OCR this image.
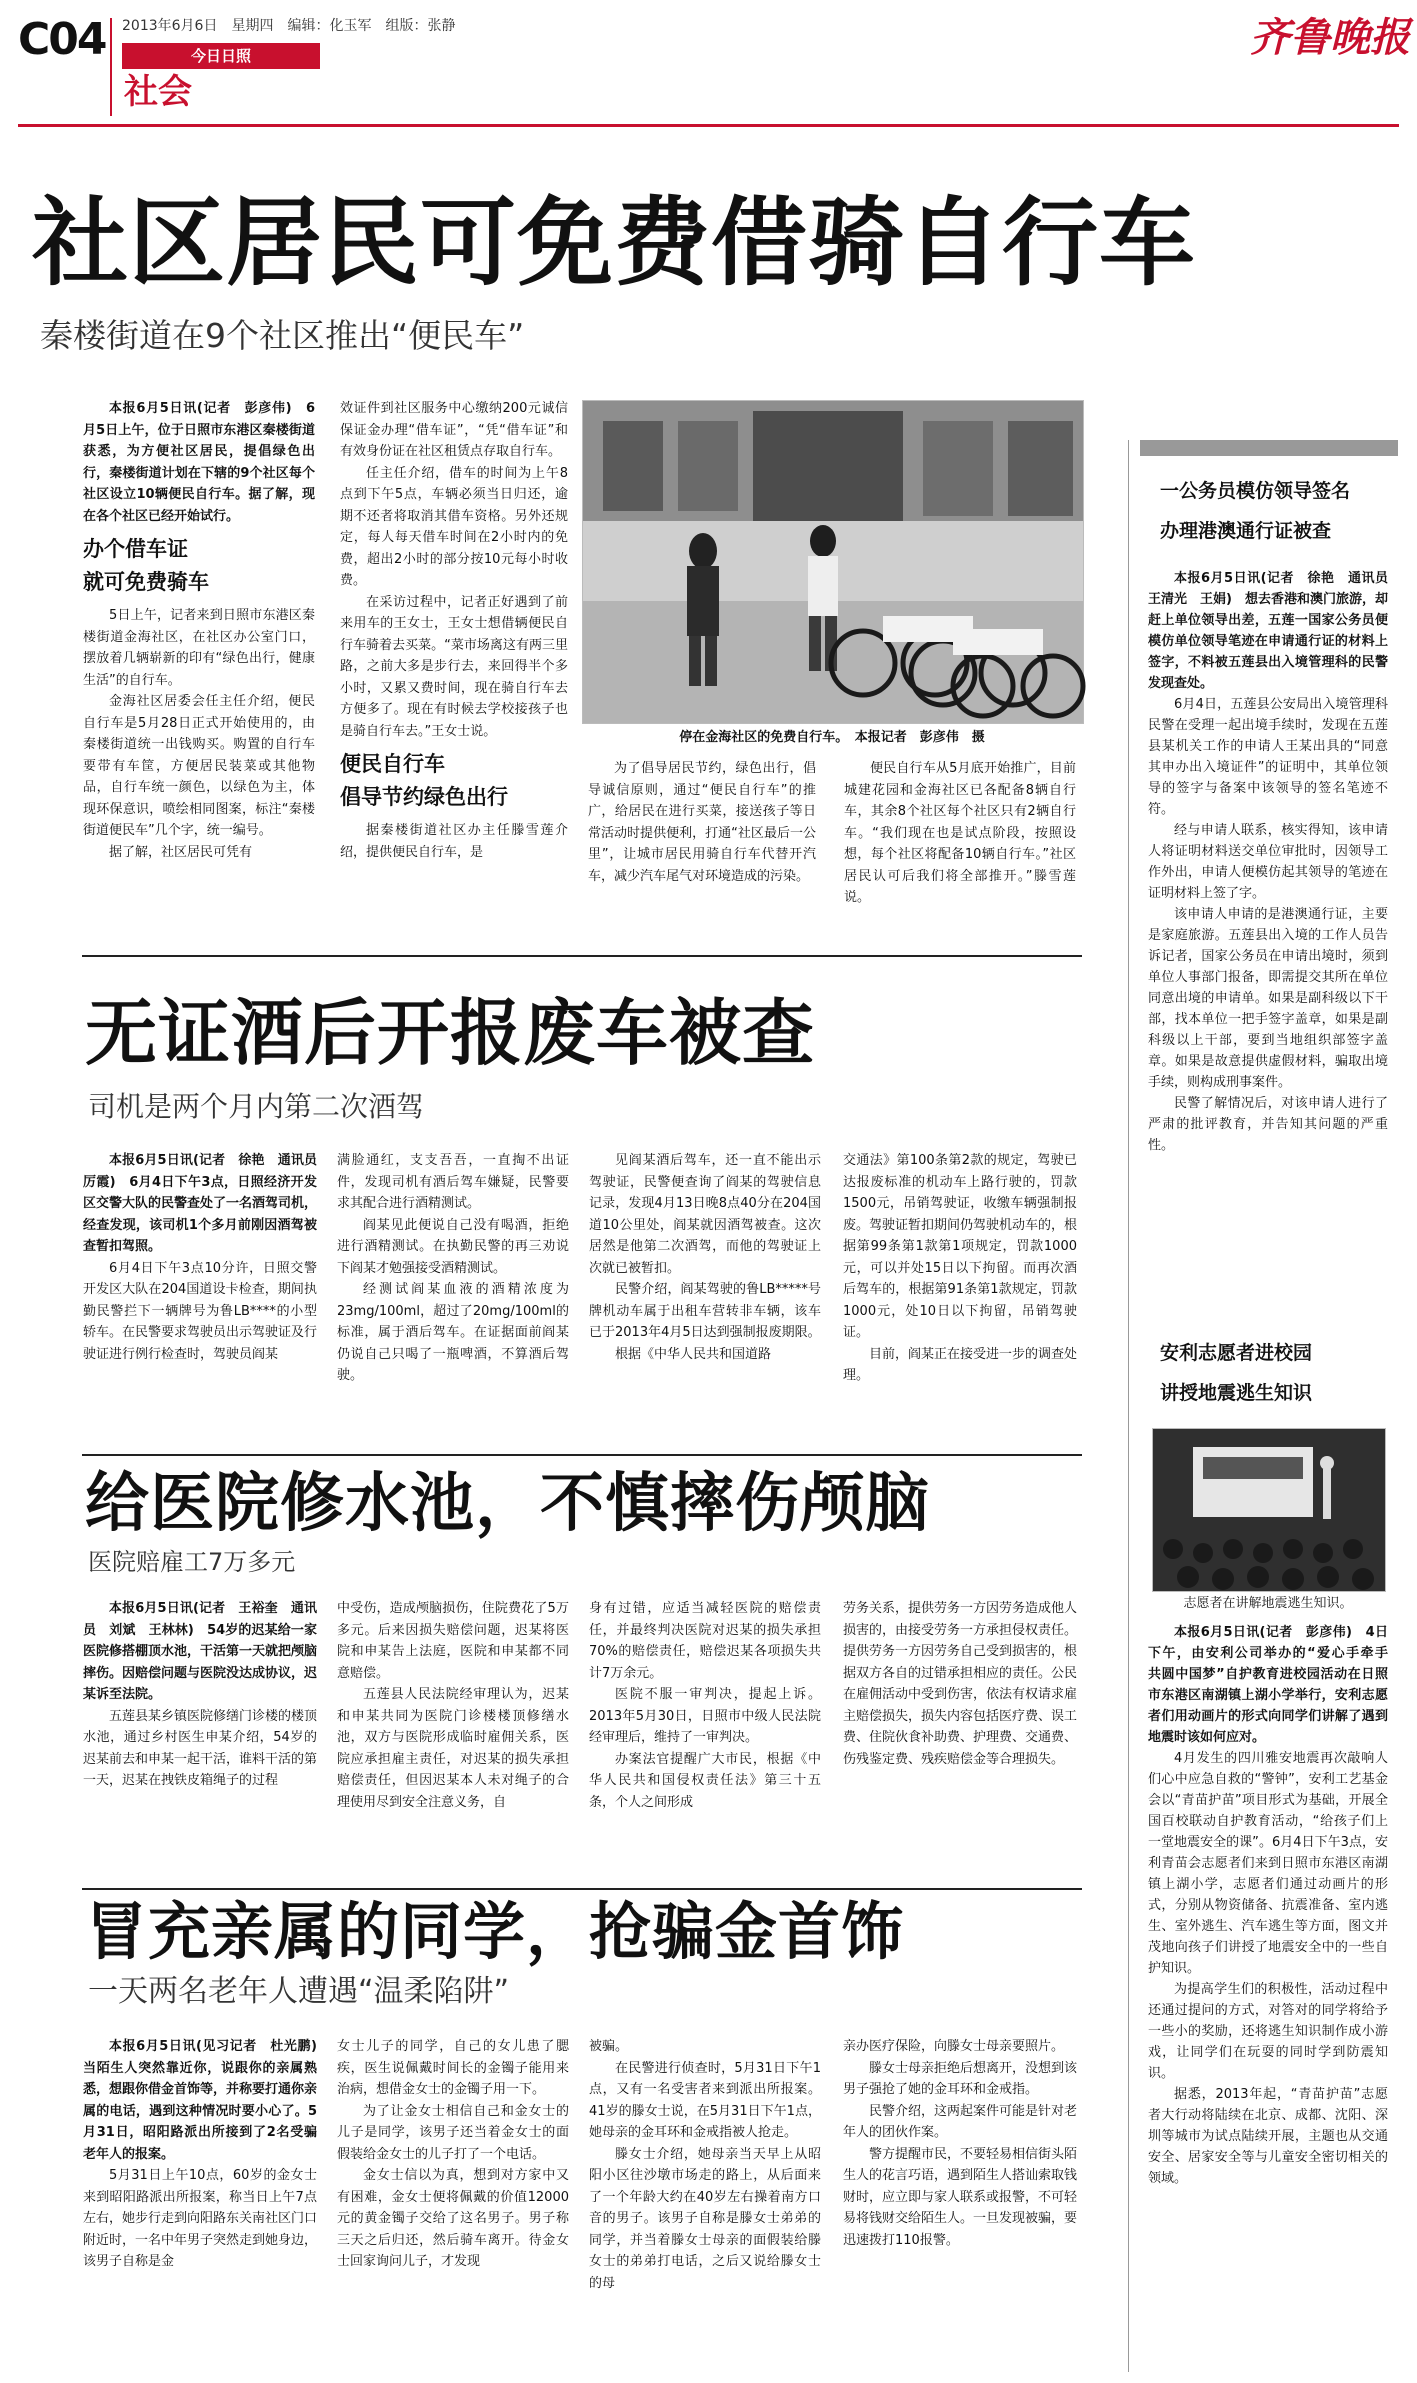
C04 2013年6月6日　星期四　编辑：化玉军　组版：张静
今日日照
社会
齐鲁晚报
社区居民可免费借骑自行车
秦楼街道在9个社区推出“便民车”

本报6月5日讯(记者　彭彦伟)　6月5日上午，位于日照市东港区秦楼街道获悉，为方便社区居民，提倡绿色出行，秦楼街道计划在下辖的9个社区每个社区设立10辆便民自行车。据了解，现在各个社区已经开始试行。

办个借车证
就可免费骑车

5日上午，记者来到日照市东港区秦楼街道金海社区，在社区办公室门口，摆放着几辆崭新的印有“绿色出行，健康生活”的自行车。

金海社区居委会任主任介绍，便民自行车是5月28日正式开始使用的，由秦楼街道统一出钱购买。购置的自行车要带有车筐，方便居民装菜或其他物品，自行车统一颜色，以绿色为主，体现环保意识，喷绘相同图案，标注“秦楼街道便民车”几个字，统一编号。

据了解，社区居民可凭有

效证件到社区服务中心缴纳200元诚信保证金办理“借车证”，“凭“借车证”和有效身份证在社区租赁点存取自行车。

任主任介绍，借车的时间为上午8点到下午5点，车辆必须当日归还，逾期不还者将取消其借车资格。另外还规定，每人每天借车时间在2小时内的免费，超出2小时的部分按10元每小时收费。

在采访过程中，记者正好遇到了前来用车的王女士，王女士想借辆便民自行车骑着去买菜。“菜市场离这有两三里路，之前大多是步行去，来回得半个多小时，又累又费时间，现在骑自行车去方便多了。现在有时候去学校接孩子也是骑自行车去。”王女士说。

便民自行车
倡导节约绿色出行

据秦楼街道社区办主任滕雪莲介绍，提供便民自行车，是

停在金海社区的免费自行车。　本报记者　彭彦伟　摄

为了倡导居民节约，绿色出行，倡导诚信原则，通过“便民自行车”的推广，给居民在进行买菜，接送孩子等日常活动时提供便利，打通“社区最后一公里”，让城市居民用骑自行车代替开汽车，减少汽车尾气对环境造成的污染。

便民自行车从5月底开始推广，目前城建花园和金海社区已各配备8辆自行车，其余8个社区每个社区只有2辆自行车。“我们现在也是试点阶段，按照设想，每个社区将配备10辆自行车。”社区居民认可后我们将全部推开。”滕雪莲说。

无证酒后开报废车被查
司机是两个月内第二次酒驾

本报6月5日讯(记者　徐艳　通讯员　厉霞)　6月4日下午3点，日照经济开发区交警大队的民警查处了一名酒驾司机，经查发现，该司机1个多月前刚因酒驾被查暂扣驾照。

6月4日下午3点10分许，日照交警开发区大队在204国道设卡检查，期间执勤民警拦下一辆牌号为鲁LB****的小型轿车。在民警要求驾驶员出示驾驶证及行驶证进行例行检查时，驾驶员阎某

满脸通红，支支吾吾，一直掏不出证件，发现司机有酒后驾车嫌疑，民警要求其配合进行酒精测试。

阎某见此便说自己没有喝酒，拒绝进行酒精测试。在执勤民警的再三劝说下阎某才勉强接受酒精测试。

经测试阎某血液的酒精浓度为23mg/100ml，超过了20mg/100ml的标准，属于酒后驾车。在证据面前阎某仍说自己只喝了一瓶啤酒，不算酒后驾驶。

见阎某酒后驾车，还一直不能出示驾驶证，民警便查询了阎某的驾驶信息记录，发现4月13日晚8点40分在204国道10公里处，阎某就因酒驾被查。这次居然是他第二次酒驾，而他的驾驶证上次就已被暂扣。

民警介绍，阎某驾驶的鲁LB*****号牌机动车属于出租车营转非车辆，该车已于2013年4月5日达到强制报废期限。

根据《中华人民共和国道路

交通法》第100条第2款的规定，驾驶已达报废标准的机动车上路行驶的，罚款1500元，吊销驾驶证，收缴车辆强制报废。驾驶证暂扣期间仍驾驶机动车的，根据第99条第1款第1项规定，罚款1000元，可以并处15日以下拘留。而再次酒后驾车的，根据第91条第1款规定，罚款1000元，处10日以下拘留，吊销驾驶证。

目前，阎某正在接受进一步的调查处理。

给医院修水池，不慎摔伤颅脑
医院赔雇工7万多元

本报6月5日讯(记者　王裕奎　通讯员　刘斌　王林林)　54岁的迟某给一家医院修搭棚顶水池，干活第一天就把颅脑摔伤。因赔偿问题与医院没达成协议，迟某诉至法院。

五莲县某乡镇医院修缮门诊楼的楼顶水池，通过乡村医生申某介绍，54岁的迟某前去和申某一起干活，谁料干活的第一天，迟某在拽铁皮箱绳子的过程

中受伤，造成颅脑损伤，住院费花了5万多元。后来因损失赔偿问题，迟某将医院和申某告上法庭，医院和申某都不同意赔偿。

五莲县人民法院经审理认为，迟某和申某共同为医院门诊楼楼顶修缮水池，双方与医院形成临时雇佣关系，医院应承担雇主责任，对迟某的损失承担赔偿责任，但因迟某本人未对绳子的合理使用尽到安全注意义务，自

身有过错，应适当减轻医院的赔偿责任，并最终判决医院对迟某的损失承担70%的赔偿责任，赔偿迟某各项损失共计7万余元。

医院不服一审判决，提起上诉。2013年5月30日，日照市中级人民法院经审理后，维持了一审判决。

办案法官提醒广大市民，根据《中华人民共和国侵权责任法》第三十五条，个人之间形成

劳务关系，提供劳务一方因劳务造成他人损害的，由接受劳务一方承担侵权责任。提供劳务一方因劳务自己受到损害的，根据双方各自的过错承担相应的责任。公民在雇佣活动中受到伤害，依法有权请求雇主赔偿损失，损失内容包括医疗费、误工费、住院伙食补助费、护理费、交通费、伤残鉴定费、残疾赔偿金等合理损失。

冒充亲属的同学，抢骗金首饰
一天两名老年人遭遇“温柔陷阱”

本报6月5日讯(见习记者　杜光鹏)　当陌生人突然靠近你，说跟你的亲属熟悉，想跟你借金首饰等，并称要打通你亲属的电话，遇到这种情况时要小心了。5月31日，昭阳路派出所接到了2名受骗老年人的报案。

5月31日上午10点，60岁的金女士来到昭阳路派出所报案，称当日上午7点左右，她步行走到向阳路东关南社区门口附近时，一名中年男子突然走到她身边，该男子自称是金

女士儿子的同学，自己的女儿患了腮疾，医生说佩戴时间长的金镯子能用来治病，想借金女士的金镯子用一下。

为了让金女士相信自己和金女士的儿子是同学，该男子还当着金女士的面假装给金女士的儿子打了一个电话。

金女士信以为真，想到对方家中又有困难，金女士便将佩戴的价值12000元的黄金镯子交给了这名男子。男子称三天之后归还，然后骑车离开。待金女士回家询问儿子，才发现

被骗。

在民警进行侦查时，5月31日下午1点，又有一名受害者来到派出所报案。41岁的滕女士说，在5月31日下午1点，她母亲的金耳环和金戒指被人抢走。

滕女士介绍，她母亲当天早上从昭阳小区往沙墩市场走的路上，从后面来了一个年龄大约在40岁左右操着南方口音的男子。该男子自称是滕女士弟弟的同学，并当着滕女士母亲的面假装给滕女士的弟弟打电话，之后又说给滕女士的母

亲办医疗保险，向滕女士母亲要照片。

滕女士母亲拒绝后想离开，没想到该男子强抢了她的金耳环和金戒指。

民警介绍，这两起案件可能是针对老年人的团伙作案。

警方提醒市民，不要轻易相信街头陌生人的花言巧语，遇到陌生人搭讪索取钱财时，应立即与家人联系或报警，不可轻易将钱财交给陌生人。一旦发现被骗，要迅速拨打110报警。

一公务员模仿领导签名
办理港澳通行证被查

本报6月5日讯(记者　徐艳　通讯员　王清光　王娟)　想去香港和澳门旅游，却赶上单位领导出差，五莲一国家公务员便模仿单位领导笔迹在申请通行证的材料上签字，不料被五莲县出入境管理科的民警发现查处。

6月4日，五莲县公安局出入境管理科民警在受理一起出境手续时，发现在五莲县某机关工作的申请人王某出具的“同意其申办出入境证件”的证明中，其单位领导的签字与备案中该领导的签名笔迹不符。

经与申请人联系，核实得知，该申请人将证明材料送交单位审批时，因领导工作外出，申请人便模仿起其领导的笔迹在证明材料上签了字。

该申请人申请的是港澳通行证，主要是家庭旅游。五莲县出入境的工作人员告诉记者，国家公务员在申请出境时，须到单位人事部门报备，即需提交其所在单位同意出境的申请单。如果是副科级以下干部，找本单位一把手签字盖章，如果是副科级以上干部，要到当地组织部签字盖章。如果是故意提供虚假材料，骗取出境手续，则构成刑事案件。

民警了解情况后，对该申请人进行了严肃的批评教育，并告知其问题的严重性。

安利志愿者进校园
讲授地震逃生知识
志愿者在讲解地震逃生知识。

本报6月5日讯(记者　彭彦伟)　4日下午，由安利公司举办的“爱心手牵手　共圆中国梦”自护教育进校园活动在日照市东港区南湖镇上湖小学举行，安利志愿者们用动画片的形式向同学们讲解了遇到地震时该如何应对。

4月发生的四川雅安地震再次敲响人们心中应急自救的“警钟”，安利工艺基金会以“青苗护苗”项目形式为基础，开展全国百校联动自护教育活动，“给孩子们上一堂地震安全的课”。6月4日下午3点，安利青苗会志愿者们来到日照市东港区南湖镇上湖小学，志愿者们通过动画片的形式，分别从物资储备、抗震准备、室内逃生、室外逃生、汽车逃生等方面，图文并茂地向孩子们讲授了地震安全中的一些自护知识。

为提高学生们的积极性，活动过程中还通过提问的方式，对答对的同学将给予一些小的奖励，还将逃生知识制作成小游戏，让同学们在玩耍的同时学到防震知识。

据悉，2013年起，“青苗护苗”志愿者大行动将陆续在北京、成都、沈阳、深圳等城市为试点陆续开展，主题也从交通安全、居家安全等与儿童安全密切相关的领域。
